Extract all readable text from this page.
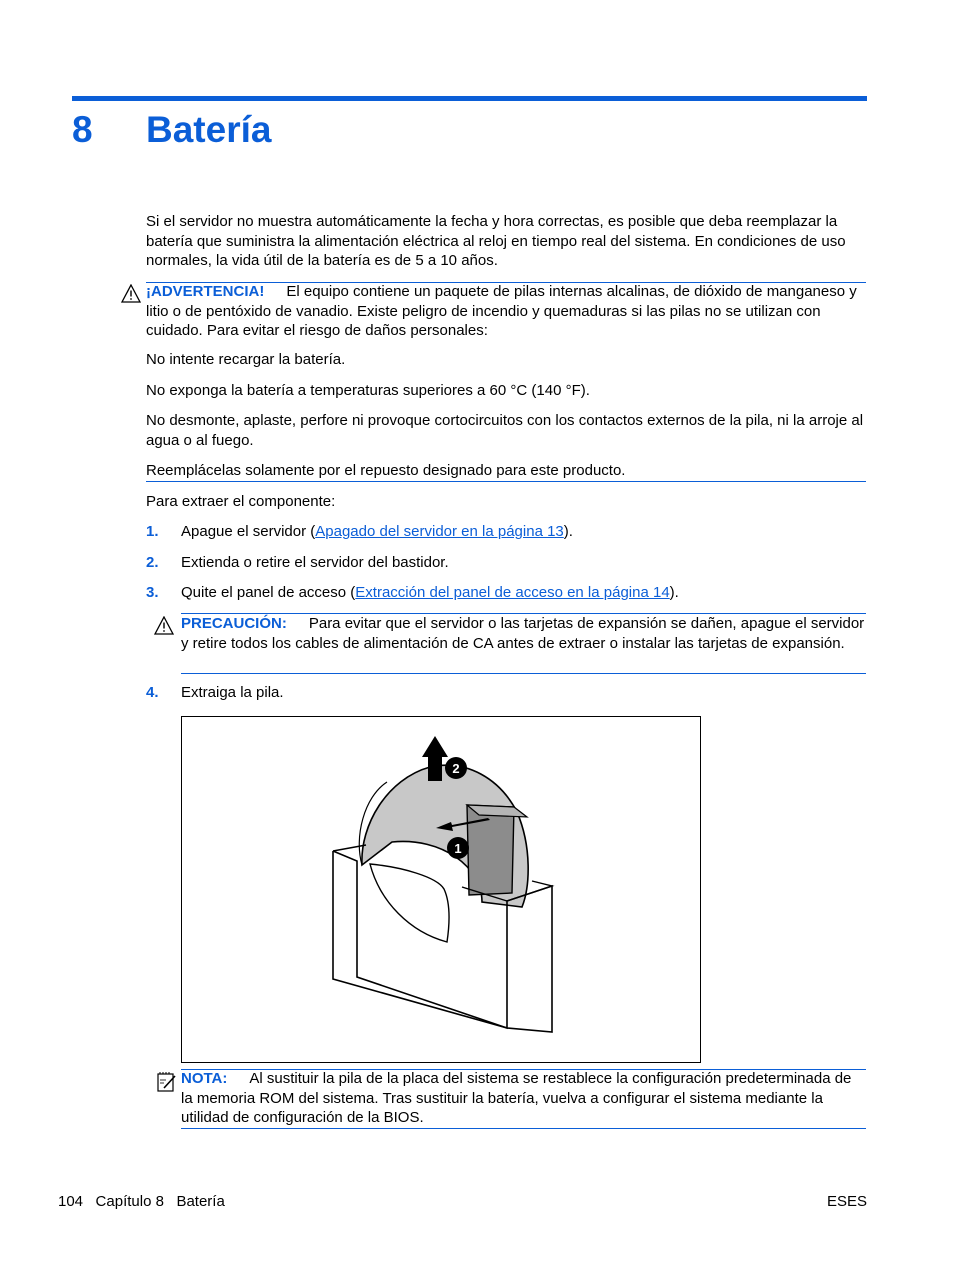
8 Batería
Si el servidor no muestra automáticamente la fecha y hora correctas, es posible que deba reemplazar la batería que suministra la alimentación eléctrica al reloj en tiempo real del sistema. En condiciones de uso normales, la vida útil de la batería es de 5 a 10 años.
¡ADVERTENCIA! El equipo contiene un paquete de pilas internas alcalinas, de dióxido de manganeso y litio o de pentóxido de vanadio. Existe peligro de incendio y quemaduras si las pilas no se utilizan con cuidado. Para evitar el riesgo de daños personales:
No intente recargar la batería.
No exponga la batería a temperaturas superiores a 60 °C (140 °F).
No desmonte, aplaste, perfore ni provoque cortocircuitos con los contactos externos de la pila, ni la arroje al agua o al fuego.
Reemplácelas solamente por el repuesto designado para este producto.
Para extraer el componente:
1. Apague el servidor (Apagado del servidor en la página 13).
2. Extienda o retire el servidor del bastidor.
3. Quite el panel de acceso (Extracción del panel de acceso en la página 14).
PRECAUCIÓN: Para evitar que el servidor o las tarjetas de expansión se dañen, apague el servidor y retire todos los cables de alimentación de CA antes de extraer o instalar las tarjetas de expansión.
4. Extraiga la pila.
2
1
NOTA: Al sustituir la pila de la placa del sistema se restablece la configuración predeterminada de la memoria ROM del sistema. Tras sustituir la batería, vuelva a configurar el sistema mediante la utilidad de configuración de la BIOS.
104 Capítulo 8 Batería	ESES
